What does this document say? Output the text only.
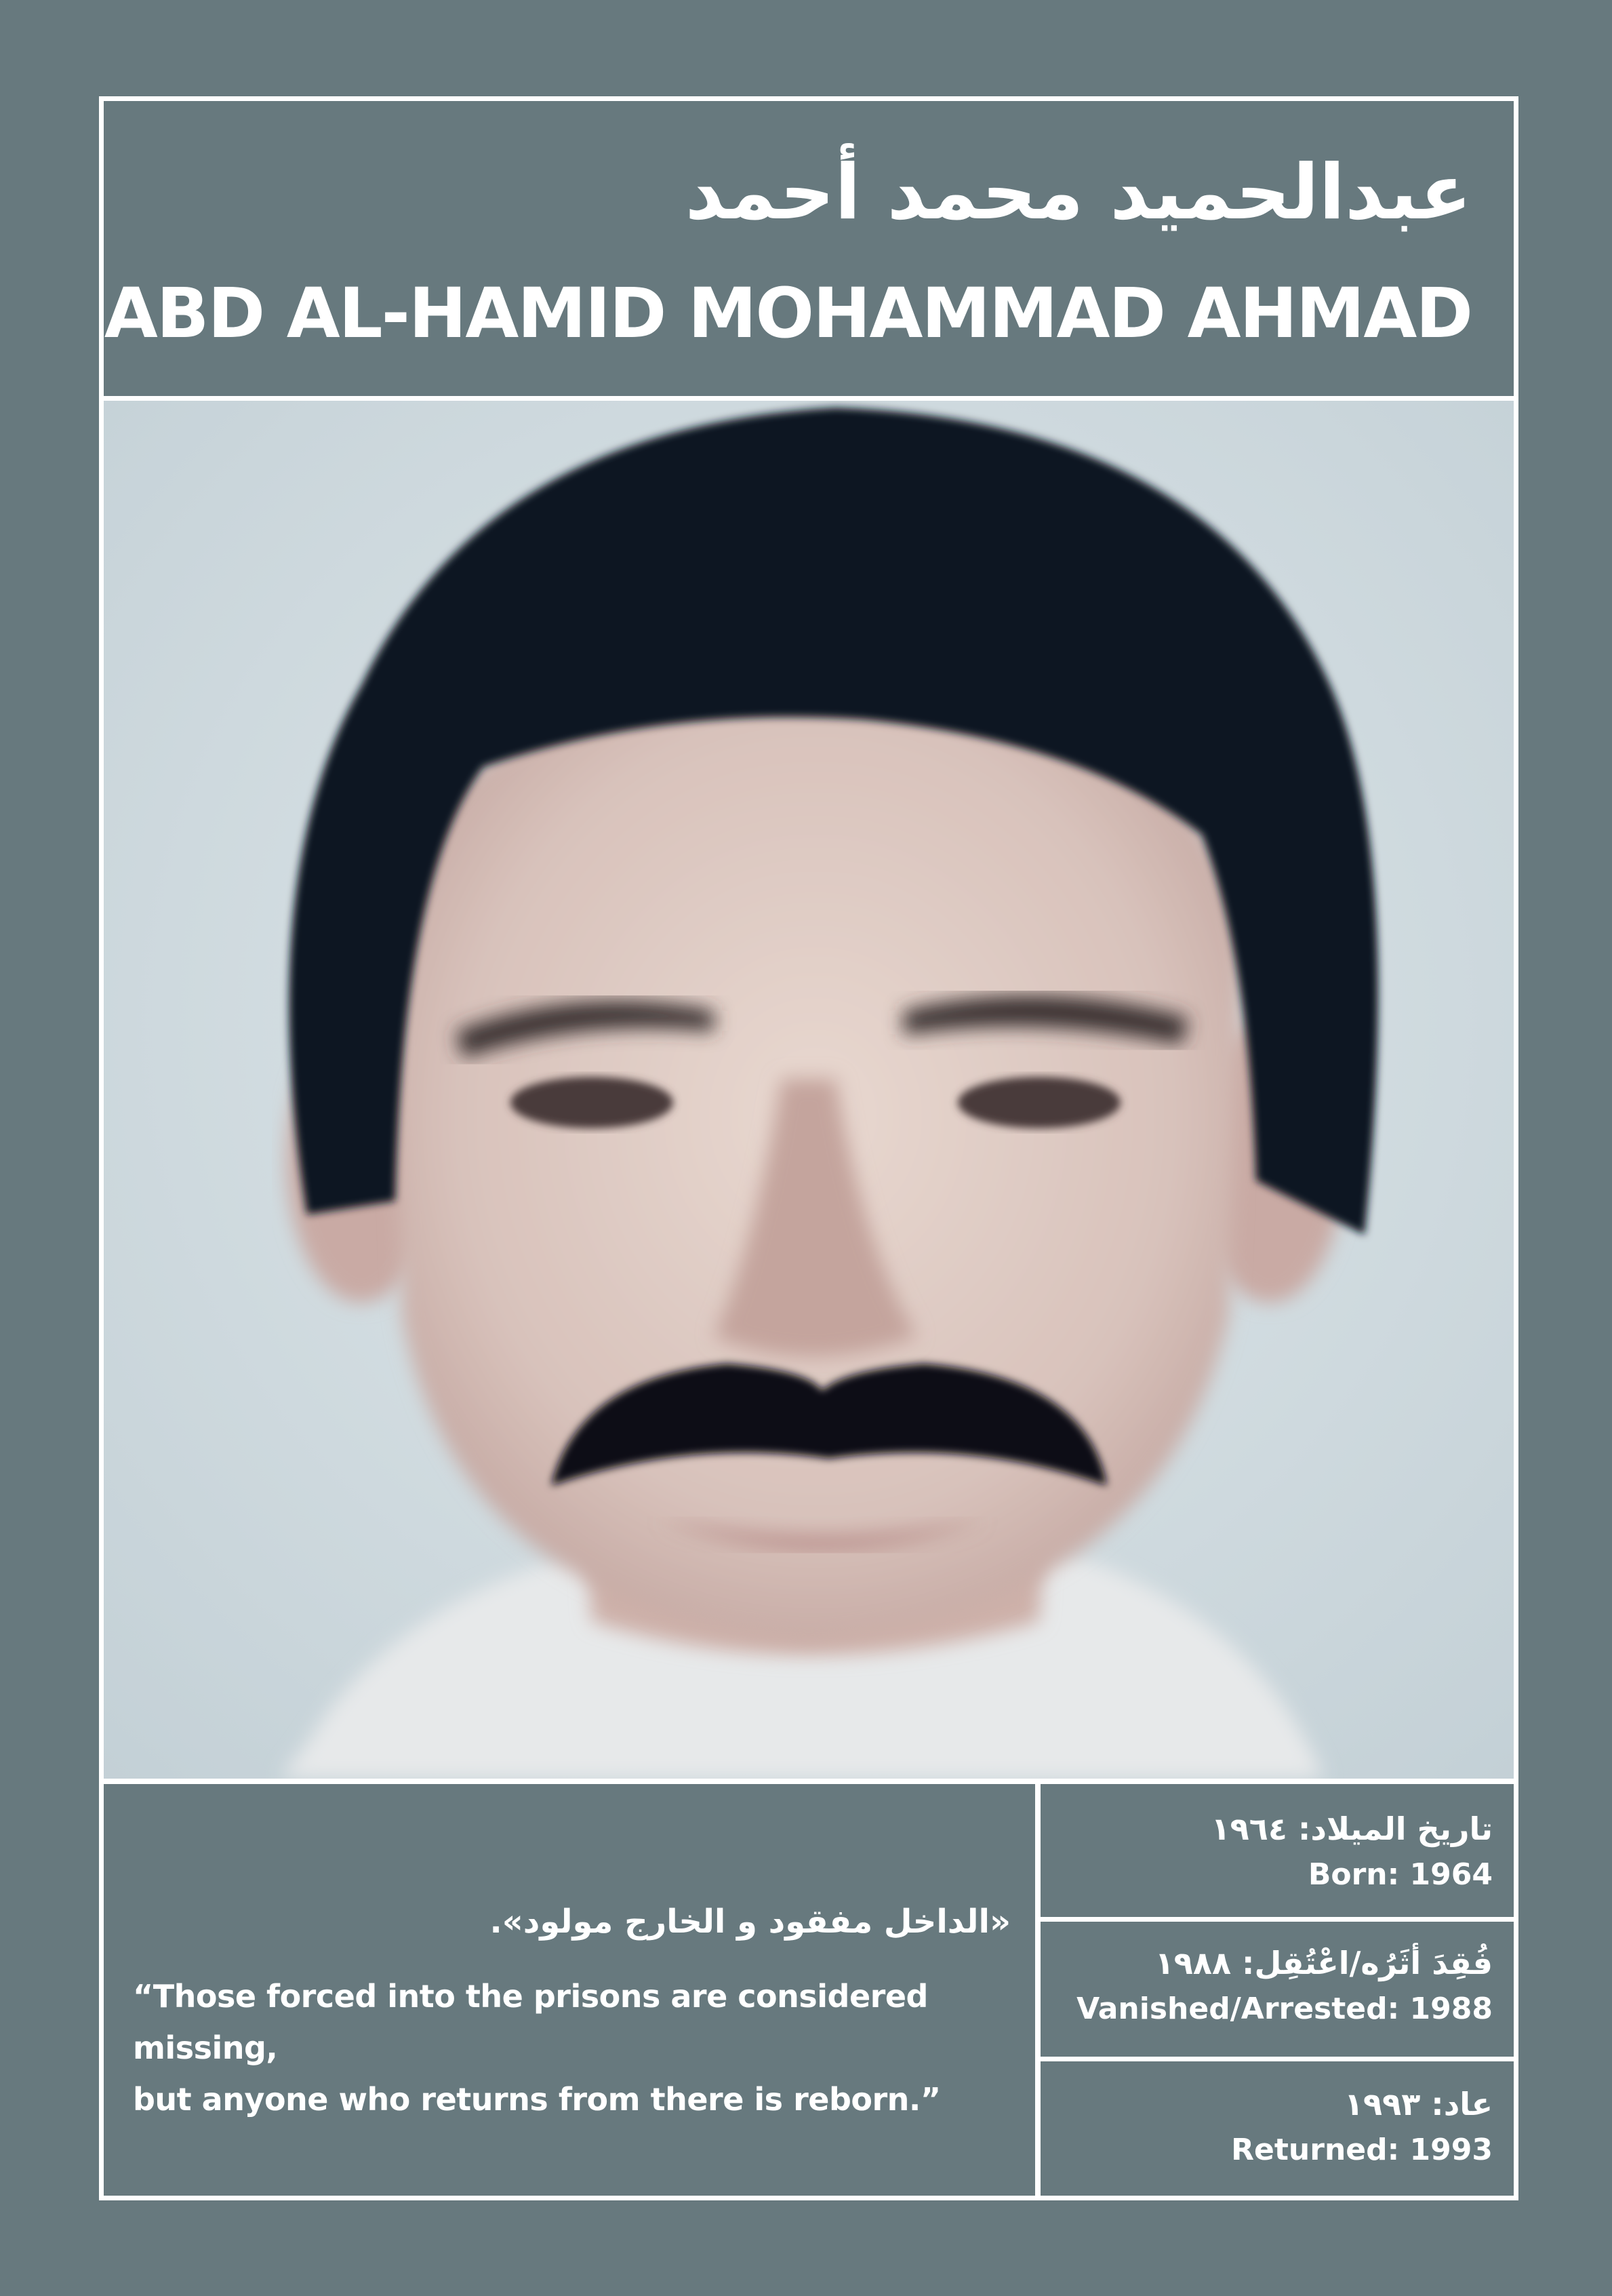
عبدالحميد محمد أحمد
ABD AL-HAMID MOHAMMAD AHMAD
«الداخل مفقود و الخارج مولود».
“Those forced into the prisons are considered missing,
but anyone who returns from there is reborn.”
تاريخ الميلاد: ١٩٦٤
Born: 1964
فُقِدَ أثَرُه/اعْتُقِل: ١٩٨٨
Vanished/Arrested: 1988
عاد: ١٩٩٣
Returned: 1993
